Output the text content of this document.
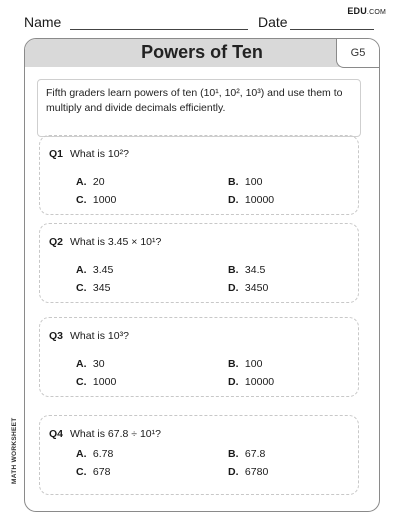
Name	Date
EDU.COM
Powers of Ten	G5
Fifth graders learn powers of ten (10¹, 10², 10³) and use them to multiply and divide decimals efficiently.
Q1 What is 10²?
A. 20	B. 100
C. 1000	D. 10000
Q2 What is 3.45 × 10¹?
A. 3.45	B. 34.5
C. 345	D. 3450
Q3 What is 10³?
A. 30	B. 100
C. 1000	D. 10000
Q4 What is 67.8 ÷ 10¹?
A. 6.78	B. 67.8
C. 678	D. 6780
MATH WORKSHEET
